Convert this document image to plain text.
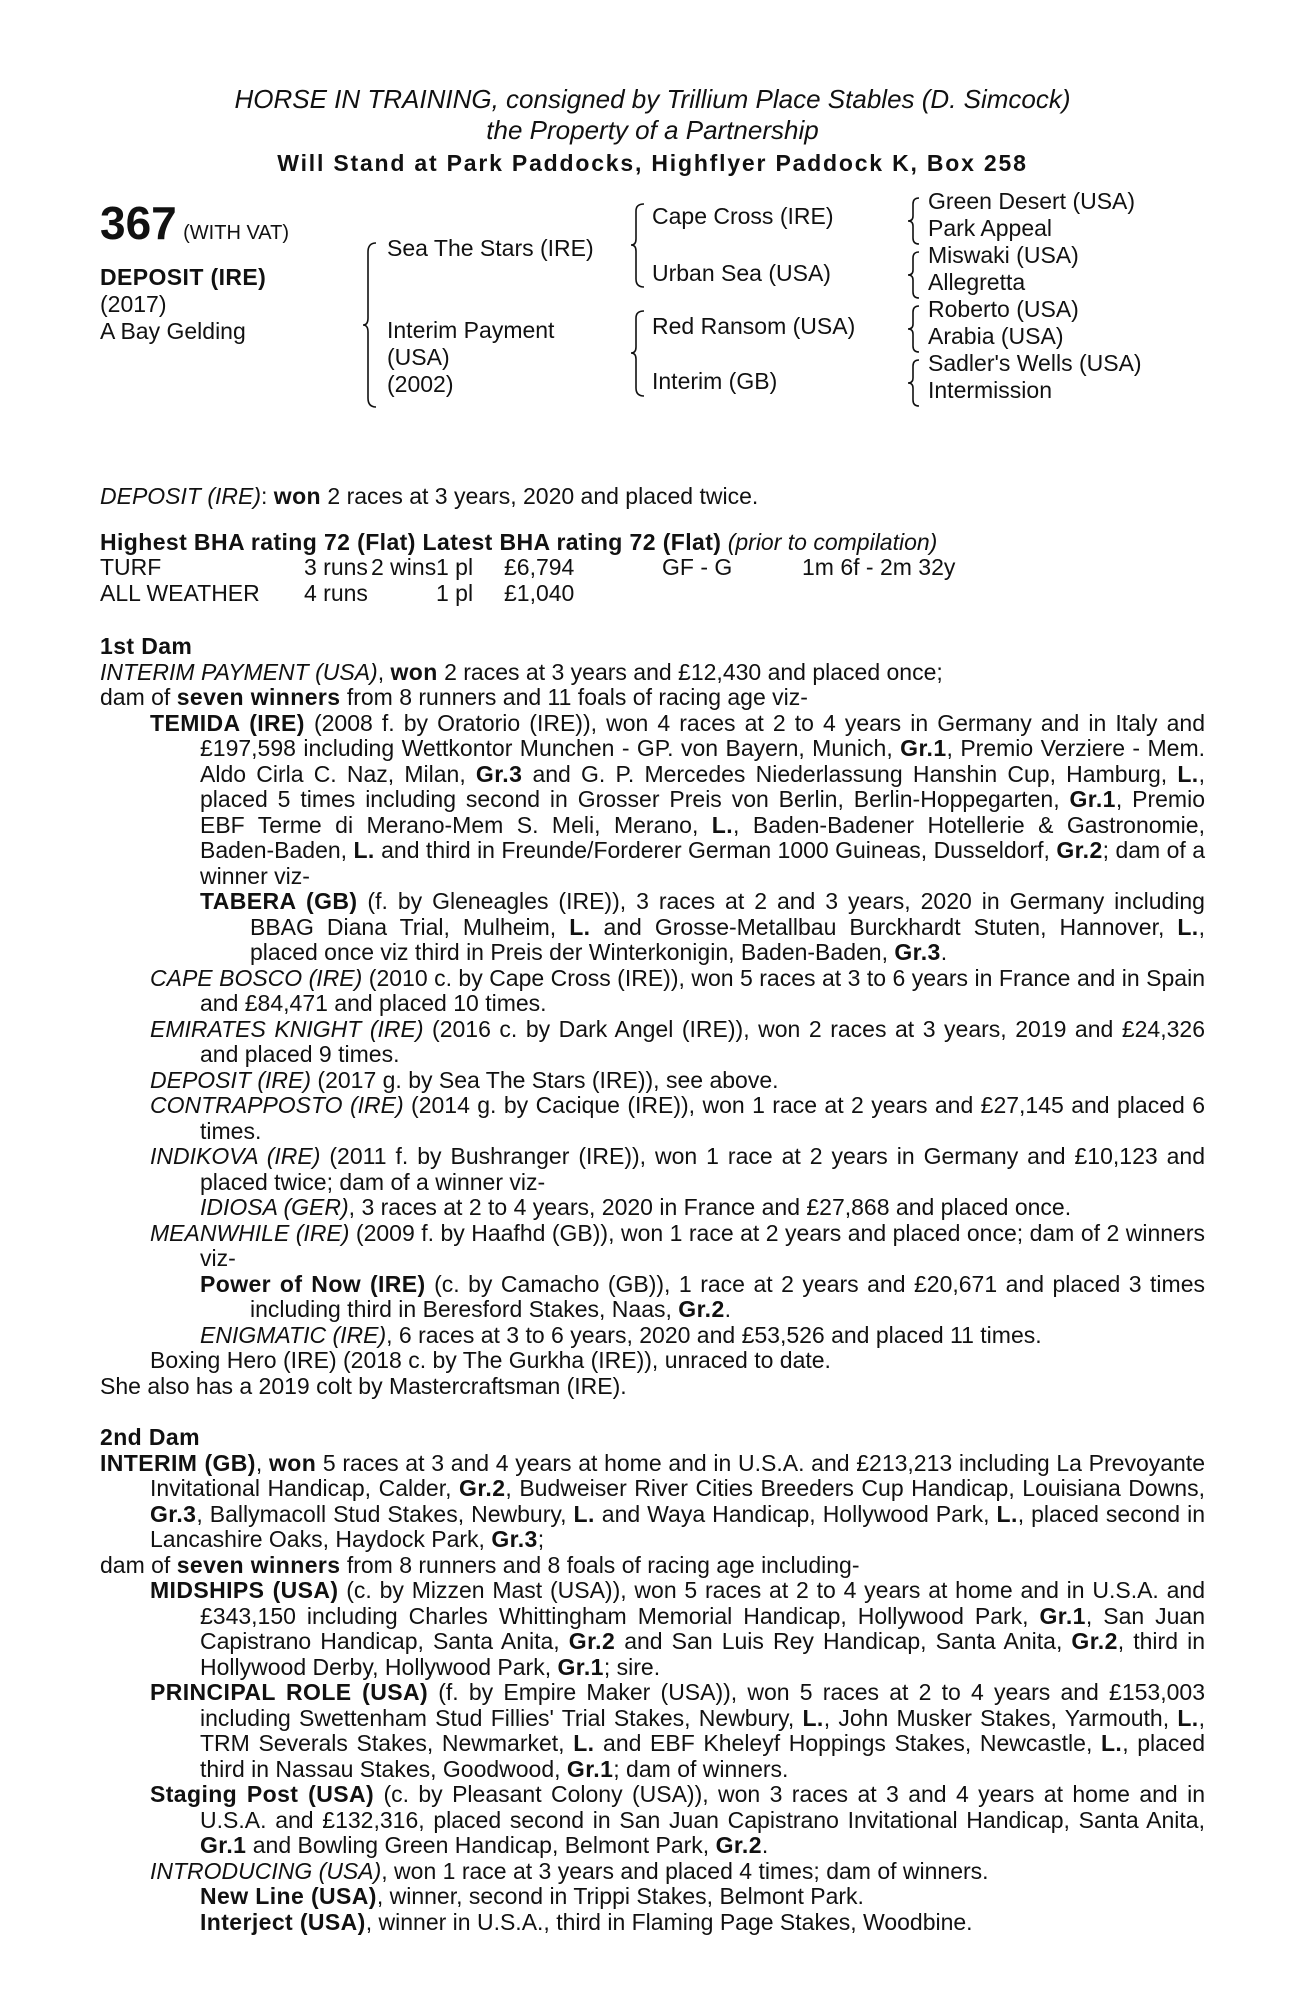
HORSE IN TRAINING, consigned by Trillium Place Stables (D. Simcock)
the Property of a Partnership
Will Stand at Park Paddocks, Highflyer Paddock K, Box 258
367 (WITH VAT)
DEPOSIT (IRE)
(2017)
A Bay Gelding
Sea The Stars (IRE)
Interim Payment
(USA)
(2002)
Cape Cross (IRE)
Urban Sea (USA)
Red Ransom (USA)
Interim (GB)
Green Desert (USA)
Park Appeal
Miswaki (USA)
Allegretta
Roberto (USA)
Arabia (USA)
Sadler's Wells (USA)
Intermission

DEPOSIT (IRE): won 2 races at 3 years, 2020 and placed twice.

Highest BHA rating 72 (Flat) Latest BHA rating 72 (Flat) (prior to compilation)

TURF	3 runs 2 wins 1 pl	£6,794	GF - G	1m 6f - 2m 32y
ALL WEATHER	4 runs	1 pl	£1,040

1st Dam

INTERIM PAYMENT (USA), won 2 races at 3 years and £12,430 and placed once;

dam of seven winners from 8 runners and 11 foals of racing age viz-

TEMIDA (IRE) (2008 f. by Oratorio (IRE)), won 4 races at 2 to 4 years in Germany and in Italy and £197,598 including Wettkontor Munchen - GP. von Bayern, Munich, Gr.1, Premio Verziere - Mem. Aldo Cirla C. Naz, Milan, Gr.3 and G. P. Mercedes Niederlassung Hanshin Cup, Hamburg, L., placed 5 times including second in Grosser Preis von Berlin, Berlin-Hoppegarten, Gr.1, Premio EBF Terme di Merano-Mem S. Meli, Merano, L., Baden-Badener Hotellerie & Gastronomie, Baden-Baden, L. and third in Freunde/Forderer German 1000 Guineas, Dusseldorf, Gr.2; dam of a winner viz-

TABERA (GB) (f. by Gleneagles (IRE)), 3 races at 2 and 3 years, 2020 in Germany including BBAG Diana Trial, Mulheim, L. and Grosse-Metallbau Burckhardt Stuten, Hannover, L., placed once viz third in Preis der Winterkonigin, Baden-Baden, Gr.3.

CAPE BOSCO (IRE) (2010 c. by Cape Cross (IRE)), won 5 races at 3 to 6 years in France and in Spain and £84,471 and placed 10 times.

EMIRATES KNIGHT (IRE) (2016 c. by Dark Angel (IRE)), won 2 races at 3 years, 2019 and £24,326 and placed 9 times.

DEPOSIT (IRE) (2017 g. by Sea The Stars (IRE)), see above.

CONTRAPPOSTO (IRE) (2014 g. by Cacique (IRE)), won 1 race at 2 years and £27,145 and placed 6 times.

INDIKOVA (IRE) (2011 f. by Bushranger (IRE)), won 1 race at 2 years in Germany and £10,123 and placed twice; dam of a winner viz-

IDIOSA (GER), 3 races at 2 to 4 years, 2020 in France and £27,868 and placed once.

MEANWHILE (IRE) (2009 f. by Haafhd (GB)), won 1 race at 2 years and placed once; dam of 2 winners viz-

Power of Now (IRE) (c. by Camacho (GB)), 1 race at 2 years and £20,671 and placed 3 times including third in Beresford Stakes, Naas, Gr.2.

ENIGMATIC (IRE), 6 races at 3 to 6 years, 2020 and £53,526 and placed 11 times.

Boxing Hero (IRE) (2018 c. by The Gurkha (IRE)), unraced to date.

She also has a 2019 colt by Mastercraftsman (IRE).

2nd Dam

INTERIM (GB), won 5 races at 3 and 4 years at home and in U.S.A. and £213,213 including La Prevoyante Invitational Handicap, Calder, Gr.2, Budweiser River Cities Breeders Cup Handicap, Louisiana Downs, Gr.3, Ballymacoll Stud Stakes, Newbury, L. and Waya Handicap, Hollywood Park, L., placed second in Lancashire Oaks, Haydock Park, Gr.3;

dam of seven winners from 8 runners and 8 foals of racing age including-

MIDSHIPS (USA) (c. by Mizzen Mast (USA)), won 5 races at 2 to 4 years at home and in U.S.A. and £343,150 including Charles Whittingham Memorial Handicap, Hollywood Park, Gr.1, San Juan Capistrano Handicap, Santa Anita, Gr.2 and San Luis Rey Handicap, Santa Anita, Gr.2, third in Hollywood Derby, Hollywood Park, Gr.1; sire.

PRINCIPAL ROLE (USA) (f. by Empire Maker (USA)), won 5 races at 2 to 4 years and £153,003 including Swettenham Stud Fillies' Trial Stakes, Newbury, L., John Musker Stakes, Yarmouth, L., TRM Severals Stakes, Newmarket, L. and EBF Kheleyf Hoppings Stakes, Newcastle, L., placed third in Nassau Stakes, Goodwood, Gr.1; dam of winners.

Staging Post (USA) (c. by Pleasant Colony (USA)), won 3 races at 3 and 4 years at home and in U.S.A. and £132,316, placed second in San Juan Capistrano Invitational Handicap, Santa Anita, Gr.1 and Bowling Green Handicap, Belmont Park, Gr.2.

INTRODUCING (USA), won 1 race at 3 years and placed 4 times; dam of winners.

New Line (USA), winner, second in Trippi Stakes, Belmont Park.

Interject (USA), winner in U.S.A., third in Flaming Page Stakes, Woodbine.
